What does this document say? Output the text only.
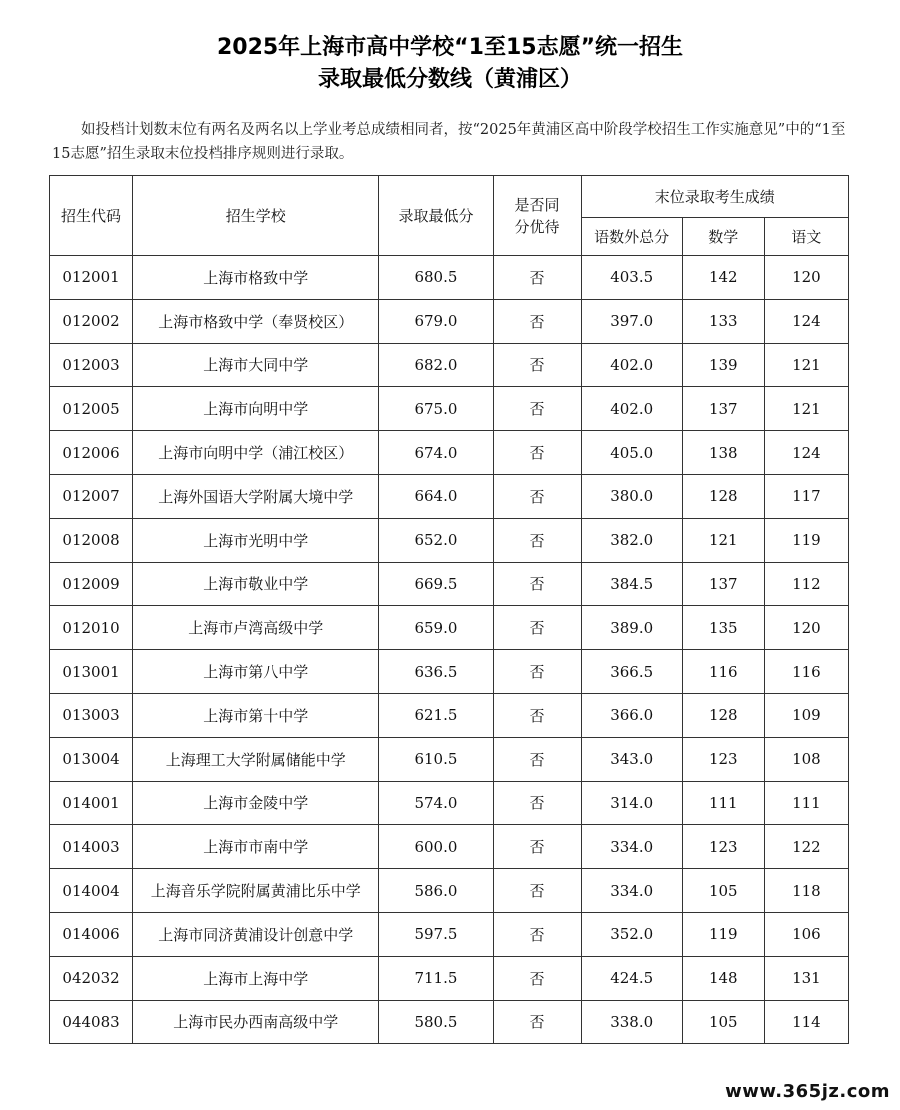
2025年上海市高中学校“1至15志愿”统一招生
录取最低分数线（黄浦区）
如投档计划数末位有两名及两名以上学业考总成绩相同者，按“2025年黄浦区高中阶段学校招生工作实施意见”中的“1至15志愿”招生录取末位投档排序规则进行录取。
招生代码	招生学校	录取最低分	是否同分优待	末位录取考生成绩		
				语数外总分	数学	语文
012001	上海市格致中学	680.5	否	403.5	142	120
012002	上海市格致中学（奉贤校区）	679.0	否	397.0	133	124
012003	上海市大同中学	682.0	否	402.0	139	121
012005	上海市向明中学	675.0	否	402.0	137	121
012006	上海市向明中学（浦江校区）	674.0	否	405.0	138	124
012007	上海外国语大学附属大境中学	664.0	否	380.0	128	117
012008	上海市光明中学	652.0	否	382.0	121	119
012009	上海市敬业中学	669.5	否	384.5	137	112
012010	上海市卢湾高级中学	659.0	否	389.0	135	120
013001	上海市第八中学	636.5	否	366.5	116	116
013003	上海市第十中学	621.5	否	366.0	128	109
013004	上海理工大学附属储能中学	610.5	否	343.0	123	108
014001	上海市金陵中学	574.0	否	314.0	111	111
014003	上海市市南中学	600.0	否	334.0	123	122
014004	上海音乐学院附属黄浦比乐中学	586.0	否	334.0	105	118
014006	上海市同济黄浦设计创意中学	597.5	否	352.0	119	106
042032	上海市上海中学	711.5	否	424.5	148	131
044083	上海市民办西南高级中学	580.5	否	338.0	105	114
www.365jz.com
